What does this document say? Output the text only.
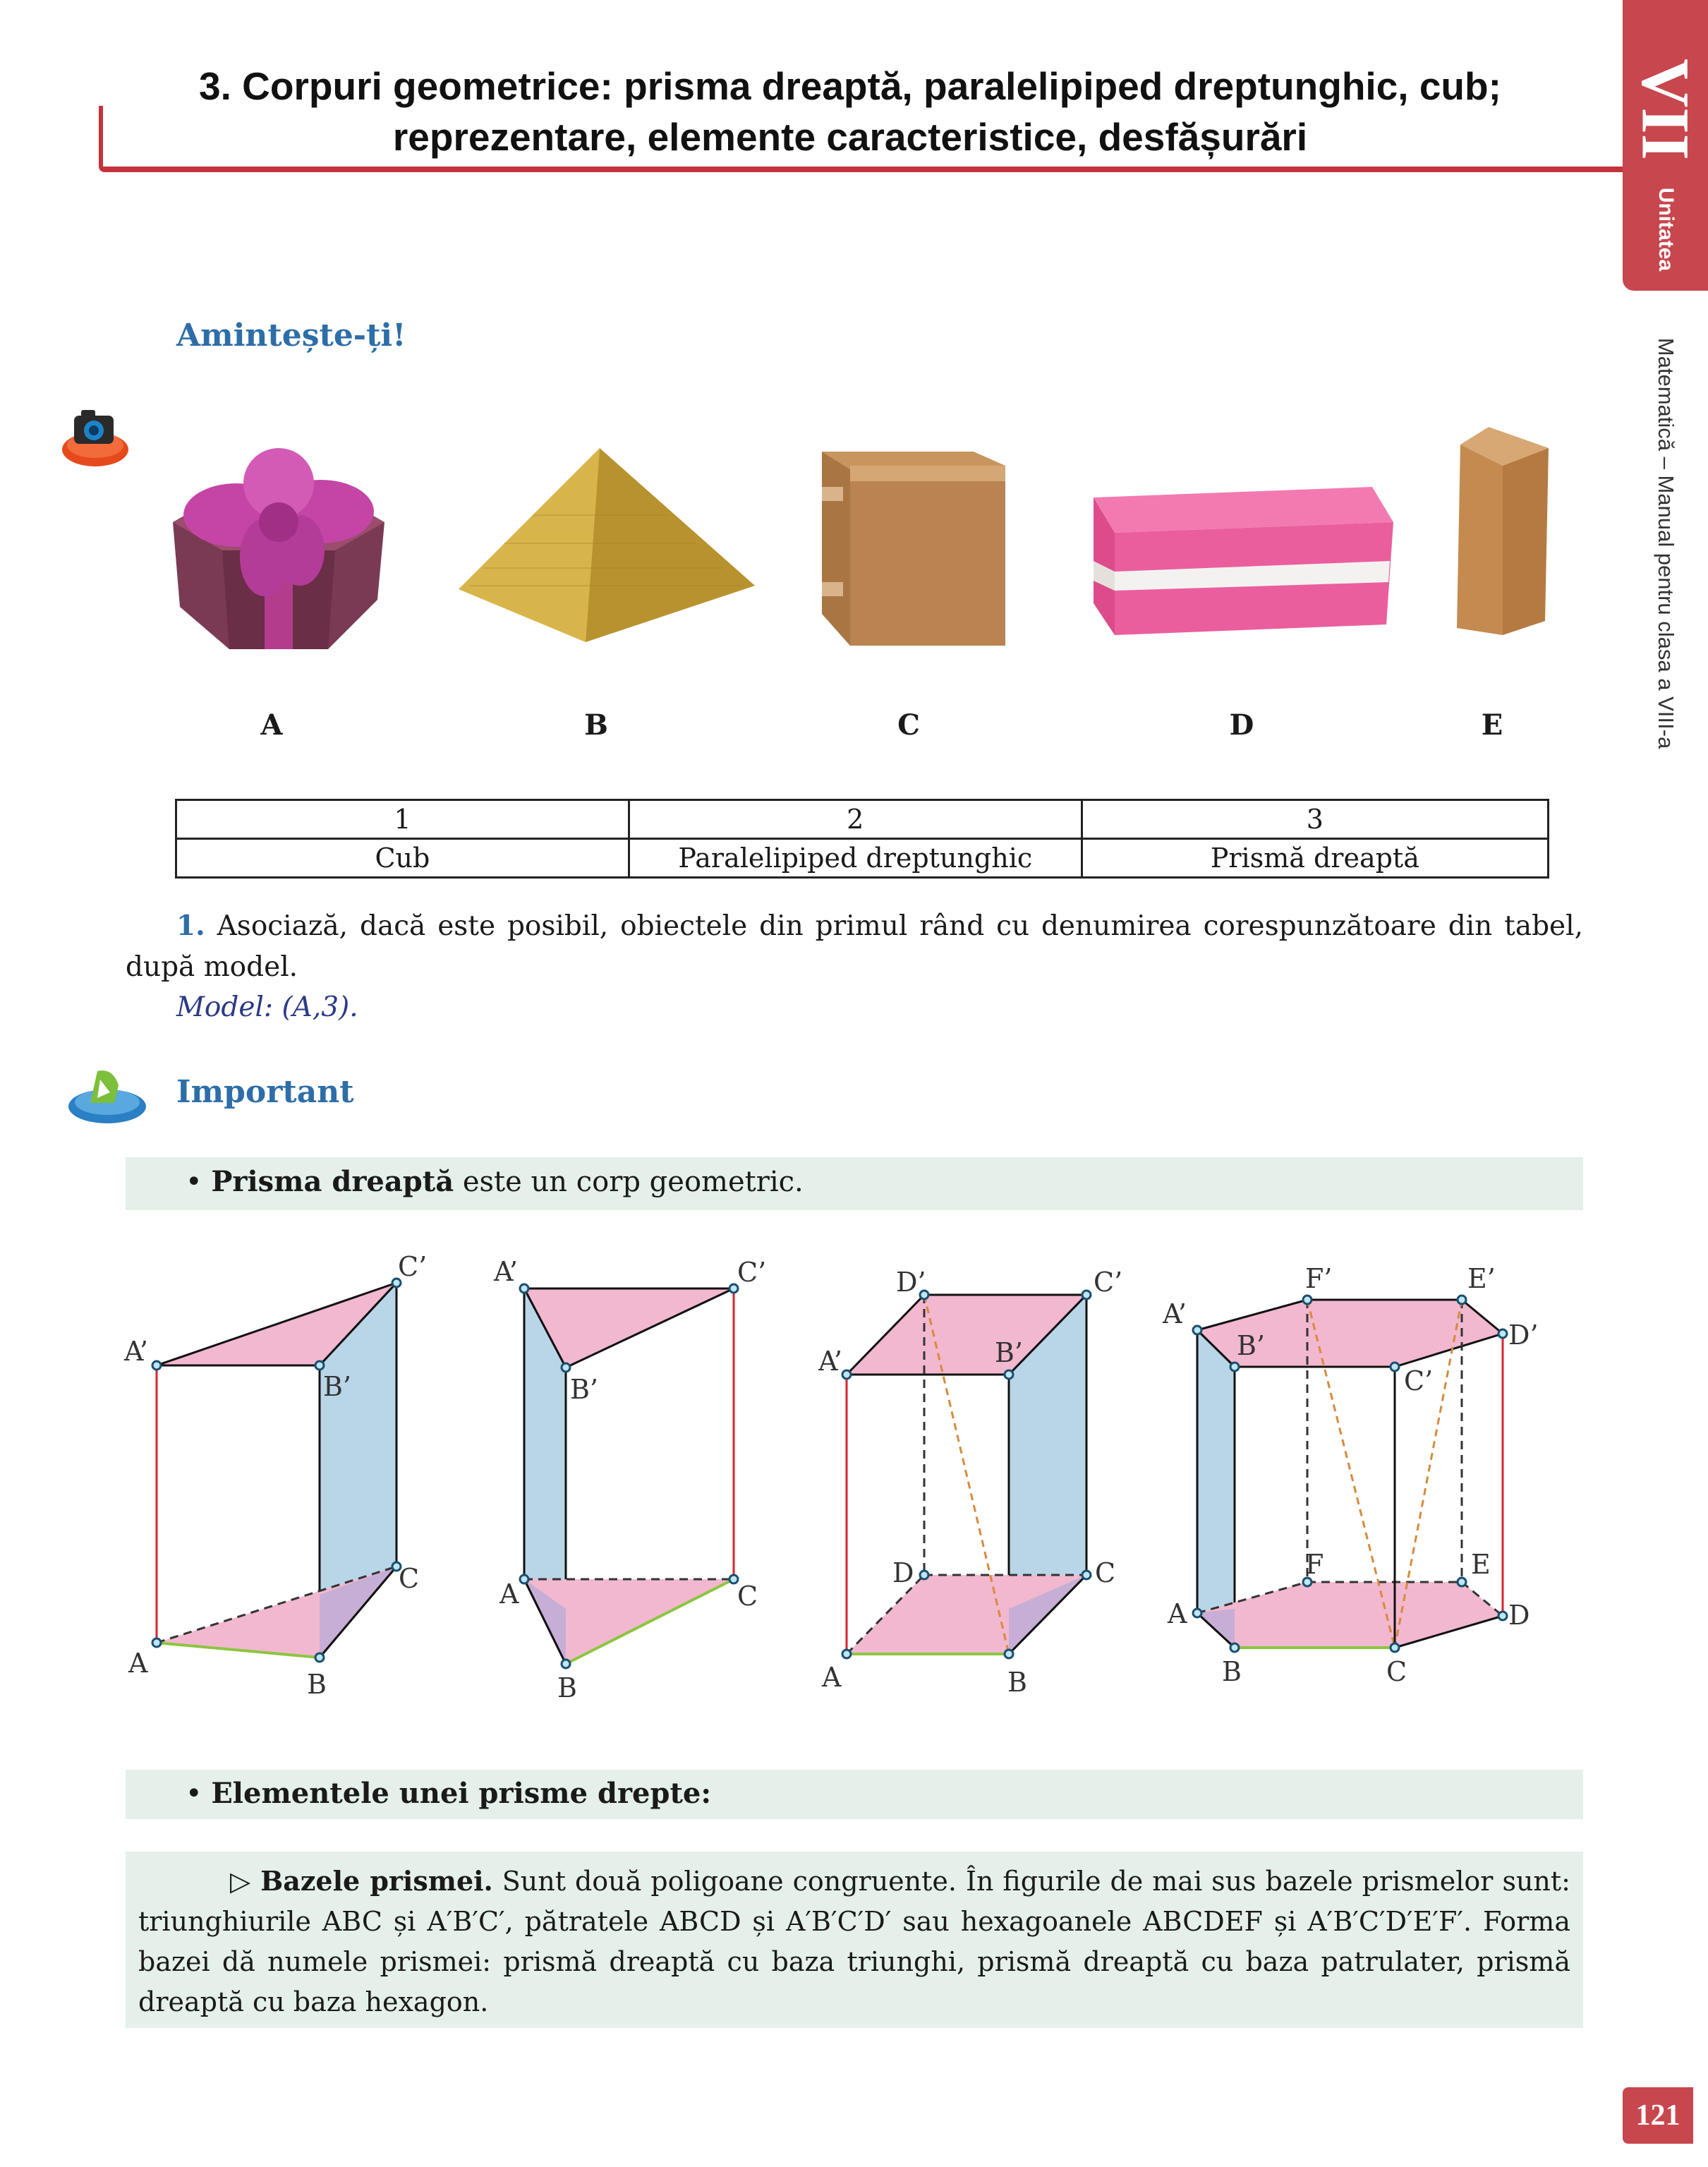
3. Corpuri geometrice: prisma dreaptă, paralelipiped dreptunghic, cub;
reprezentare, elemente caracteristice, desfășurări	VII
Unitatea
Matematică – Manual pentru clasa a VIII-a
Amintește-ți!
A	B	C	D	E
1	2	3
Cub	Paralelipiped dreptunghic	Prismă dreaptă
1. Asociază, dacă este posibil, obiectele din primul rând cu denumirea corespunzătoare din tabel, după model.
Model: (A,3).
Important
• Prisma dreaptă este un corp geometric.
A’
B’
C’
A
B
C
A’
B’
C’
A
B
C
D’	C’
A’	B’
D	C
A	B
F’	E’
A’
B’	D’
C’
F	E
A	D
B	C
• Elementele unei prisme drepte:
▷ Bazele prismei. Sunt două poligoane congruente. În figurile de mai sus bazele prismelor sunt: triunghiurile ABC și A′B′C′, pătratele ABCD și A′B′C′D′ sau hexagoanele ABCDEF și A′B′C′D′E′F′. Forma bazei dă numele prismei: prismă dreaptă cu baza triunghi, prismă dreaptă cu baza patrulater, prismă dreaptă cu baza hexagon.
121
